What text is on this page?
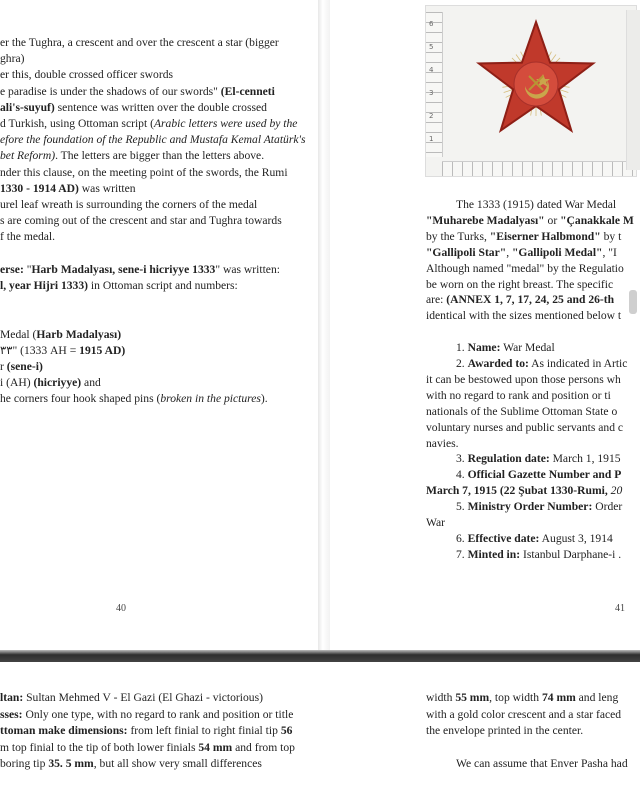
er the Tughra, a crescent and over the crescent a star (bigger
ghra)
er this, double crossed officer swords
e paradise is under the shadows of our swords" (El-cenneti
ali's-suyuf) sentence was written over the double crossed
d Turkish, using Ottoman script (Arabic letters were used by the
efore the foundation of the Republic and Mustafa Kemal Atatürk's
bet Reform). The letters are bigger than the letters above.
nder this clause, on the meeting point of the swords, the Rumi
1330 - 1914 AD) was written
urel leaf wreath is surrounding the corners of the medal
s are coming out of the crescent and star and Tughra towards
f the medal.
erse: "Harb Madalyası, sene-i hicriyye 1333" was written:
l, year Hijri 1333) in Ottoman script and numbers:
Medal (Harb Madalyası)
٣٣" (1333 AH = 1915 AD)
r (sene-i)
i (AH) (hicriyye) and
he corners four hook shaped pins (broken in the pictures).
40
6
5
4
3
2
1
The 1333 (1915) dated War Medal
"Muharebe Madalyası" or "Çanakkale M
by the Turks, "Eiserner Halbmond" by t
"Gallipoli Star", "Gallipoli Medal", "I
Although named "medal" by the Regulatio
be worn on the right breast. The specific
are: (ANNEX 1, 7, 17, 24, 25 and 26-th
identical with the sizes mentioned below t
1. Name: War Medal
2. Awarded to: As indicated in Artic
it can be bestowed upon those persons wh
with no regard to rank and position or ti
nationals of the Sublime Ottoman State o
voluntary nurses and public servants and c
navies.
3. Regulation date: March 1, 1915
4. Official Gazette Number and P
March 7, 1915 (22 Şubat 1330-Rumi, 20
5. Ministry Order Number: Order
War
6. Effective date: August 3, 1914
7. Minted in: Istanbul Darphane-i .
41
ltan: Sultan Mehmed V - El Gazi (El Ghazi - victorious)
sses: Only one type, with no regard to rank and position or title
ttoman make dimensions: from left finial to right finial tip 56
m top finial to the tip of both lower finials 54 mm and from top
boring tip 35. 5 mm, but all show very small differences
width 55 mm, top width 74 mm and leng
with a gold color crescent and a star faced
the envelope printed in the center.
We can assume that Enver Pasha had
